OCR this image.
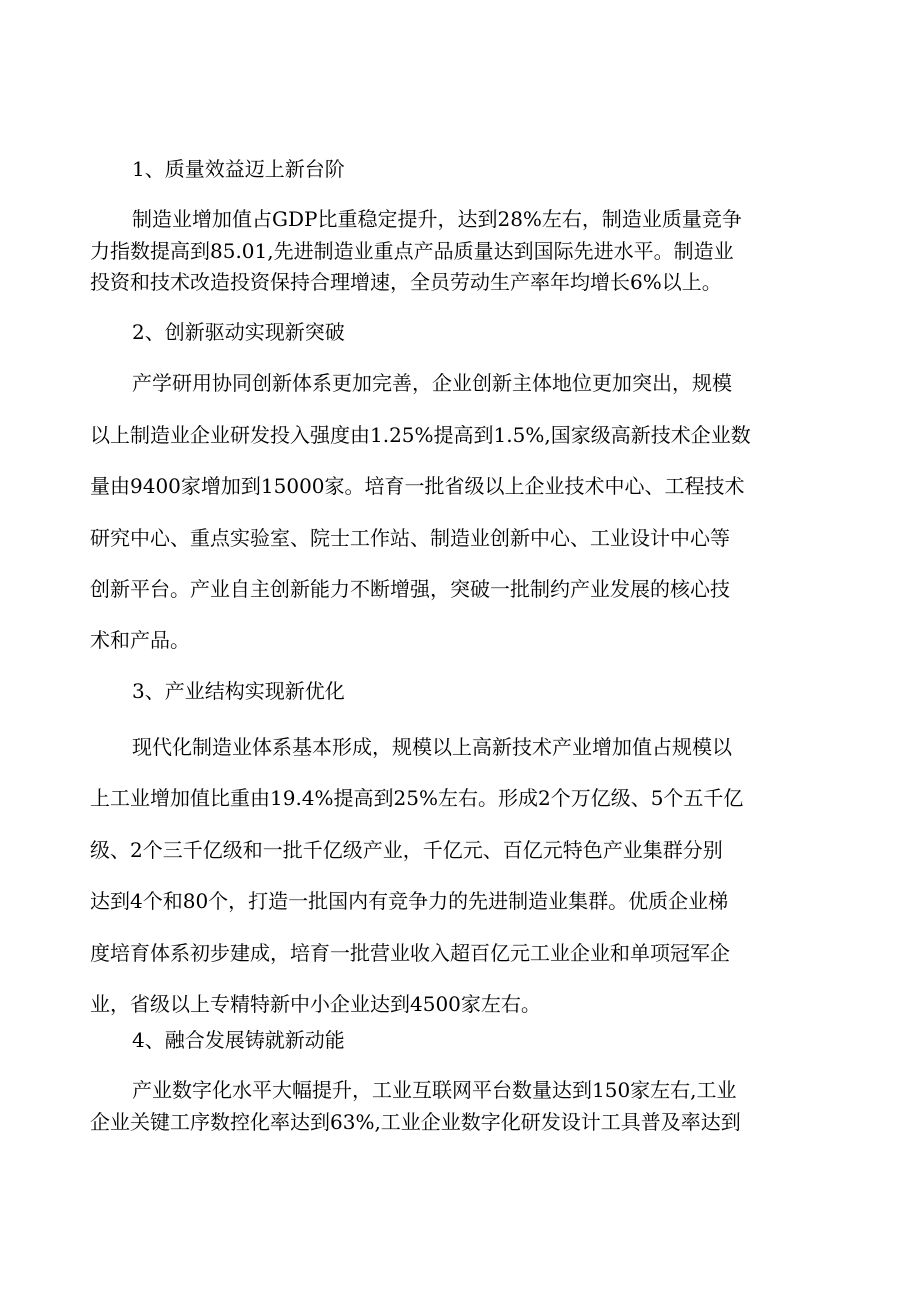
1、质量效益迈上新台阶
制造业增加值占GDP比重稳定提升，达到28%左右，制造业质量竞争
力指数提高到85.01,先进制造业重点产品质量达到国际先进水平。制造业
投资和技术改造投资保持合理增速，全员劳动生产率年均增长6%以上。
2、创新驱动实现新突破
产学研用协同创新体系更加完善，企业创新主体地位更加突出，规模
以上制造业企业研发投入强度由1.25%提高到1.5%,国家级高新技术企业数
量由9400家增加到15000家。培育一批省级以上企业技术中心、工程技术
研究中心、重点实验室、院士工作站、制造业创新中心、工业设计中心等
创新平台。产业自主创新能力不断增强，突破一批制约产业发展的核心技
术和产品。
3、产业结构实现新优化
现代化制造业体系基本形成，规模以上高新技术产业增加值占规模以
上工业增加值比重由19.4%提高到25%左右。形成2个万亿级、5个五千亿
级、2个三千亿级和一批千亿级产业，千亿元、百亿元特色产业集群分别
达到4个和80个，打造一批国内有竞争力的先进制造业集群。优质企业梯
度培育体系初步建成，培育一批营业收入超百亿元工业企业和单项冠军企
业，省级以上专精特新中小企业达到4500家左右。
4、融合发展铸就新动能
产业数字化水平大幅提升，工业互联网平台数量达到150家左右,工业
企业关键工序数控化率达到63%,工业企业数字化研发设计工具普及率达到
